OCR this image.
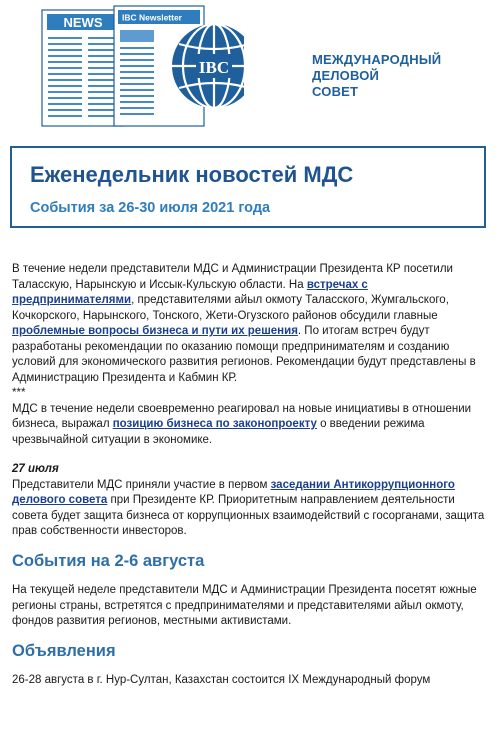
NEWS IBC Newsletter
IBC	МЕЖДУНАРОДНЫЙ
ДЕЛОВОЙ
СОВЕТ
Еженедельник новостей МДС
События за 26-30 июля 2021 года

В течение недели представители МДС и Администрации Президента КР посетили Таласскую, Нарынскую и Иссык-Кульскую области. На встречах с предпринимателями, представителями айыл окмоту Таласского, Жумгальского, Кочкорского, Нарынского, Тонского, Жети-Огузского районов обсудили главные проблемные вопросы бизнеса и пути их решения. По итогам встреч будут разработаны рекомендации по оказанию помощи предпринимателям и созданию условий для экономического развития регионов. Рекомендации будут представлены в Администрацию Президента и Кабмин КР.

***

МДС в течение недели своевременно реагировал на новые инициативы в отношении бизнеса, выражал позицию бизнеса по законопроекту о введении режима чрезвычайной ситуации в экономике.

27 июля

Представители МДС приняли участие в первом заседании Антикоррупционного делового совета при Президенте КР. Приоритетным направлением деятельности совета будет защита бизнеса от коррупционных взаимодействий с госорганами, защита прав собственности инвесторов.

События на 2-6 августа

На текущей неделе представители МДС и Администрации Президента посетят южные регионы страны, встретятся с предпринимателями и представителями айыл окмоту, фондов развития регионов, местными активистами.

Объявления

26-28 августа в г. Нур-Султан, Казахстан состоится IX Международный форум
